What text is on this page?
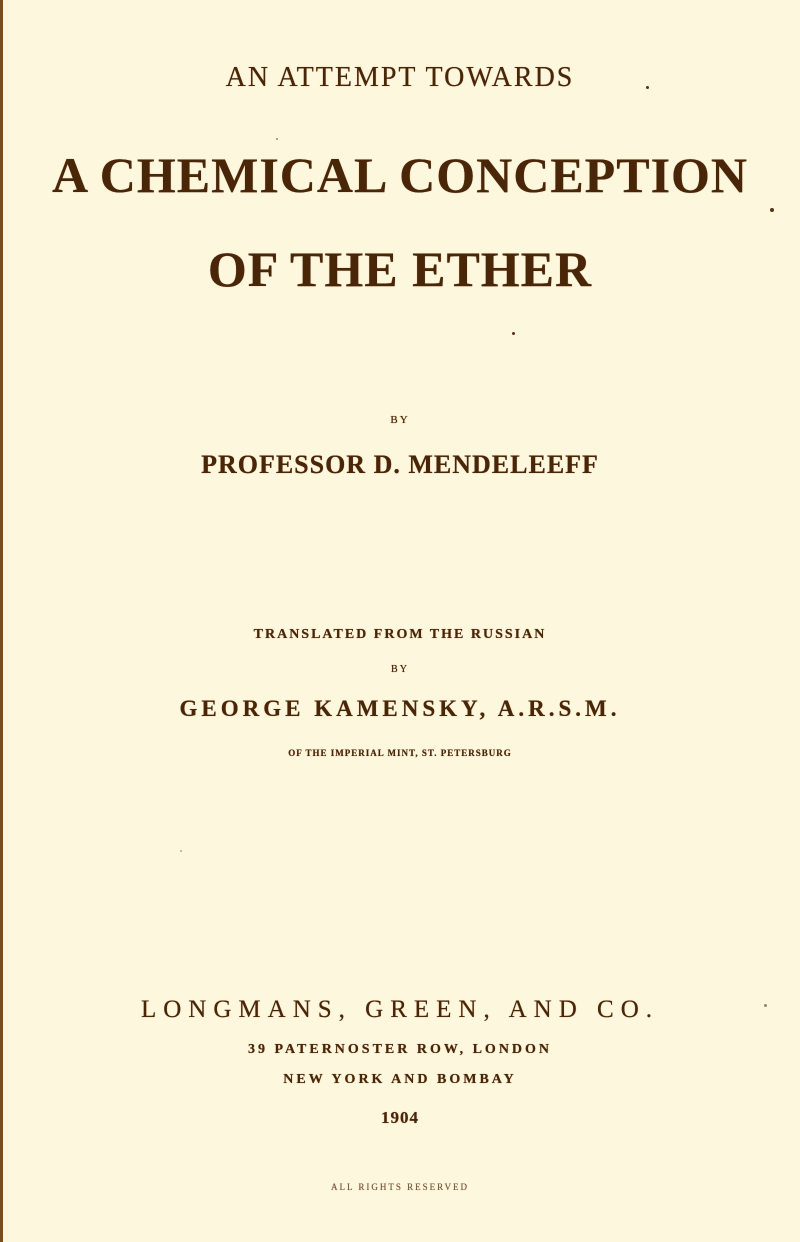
AN ATTEMPT TOWARDS
A CHEMICAL CONCEPTION
OF THE ETHER
BY
PROFESSOR D. MENDELEEFF
TRANSLATED FROM THE RUSSIAN
BY
GEORGE KAMENSKY, A.R.S.M.
OF THE IMPERIAL MINT, ST. PETERSBURG
LONGMANS, GREEN, AND CO.
39 PATERNOSTER ROW, LONDON
NEW YORK AND BOMBAY
1904
ALL RIGHTS RESERVED
